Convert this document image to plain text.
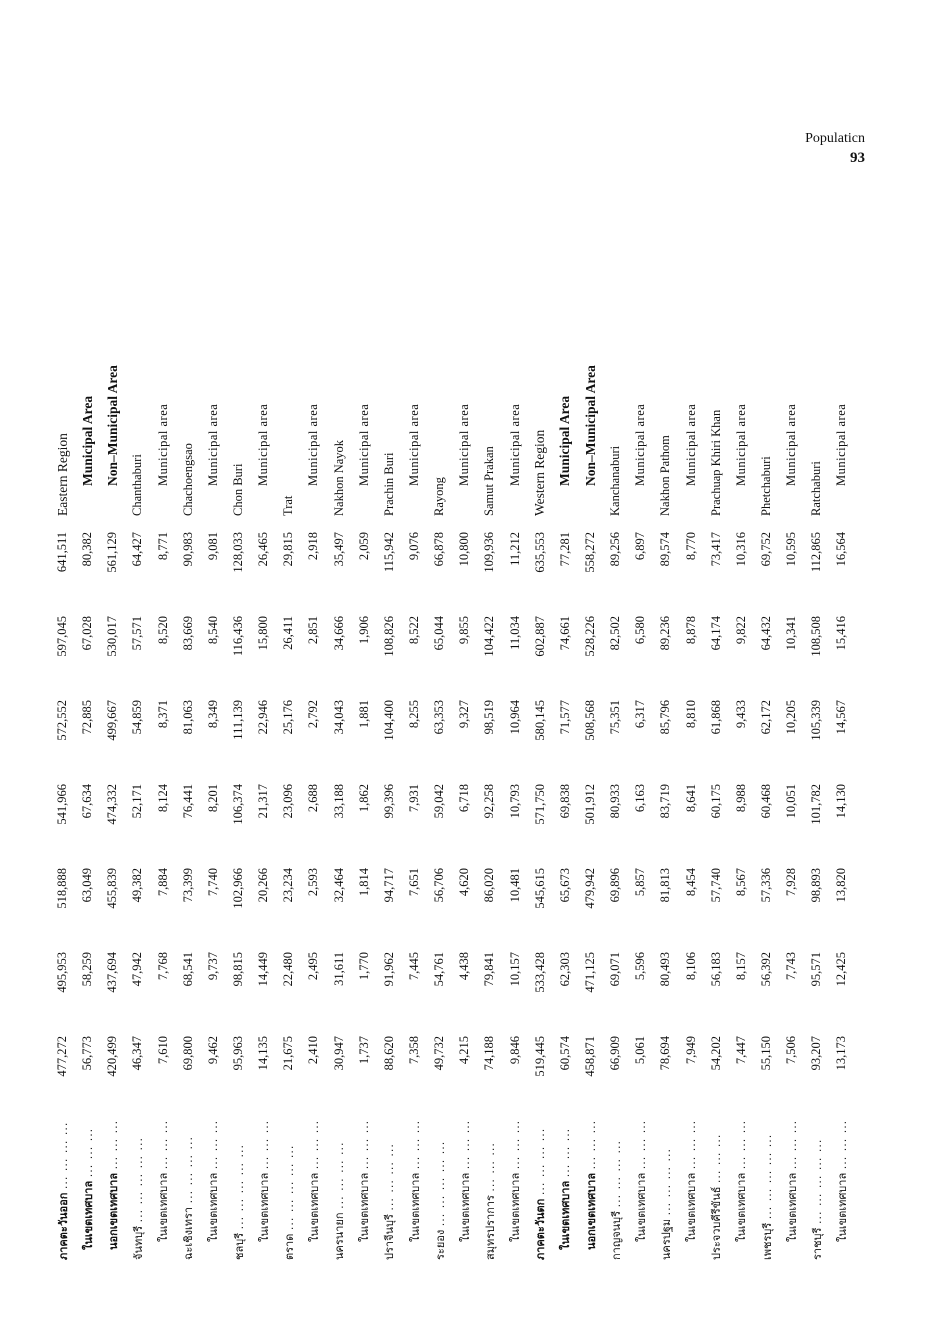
Populaticn
93
ภาคตะวันออก ... ... ... ...	477,272	495,953	518,888	541,966	572,552	597,045	641,511	Eastern Region
ในเขตเทศบาล ... ... ...	56,773	58,259	63,049	67,634	72,885	67,028	80,382	Municipal Area
นอกเขตเทศบาล ... ... ...	420,499	437,694	455,839	474,332	499,667	530,017	561,129	Non–Municipal Area
จันทบุรี ... ... ... ... ...	46,347	47,942	49,382	52,171	54,859	57,571	64,427	Chanthaburi
ในเขตเทศบาล ... ... ...	7,610	7,768	7,884	8,124	8,371	8,520	8,771	Municipal area
ฉะเชิงเทรา ... ... ... ...	69,800	68,541	73,399	76,441	81,063	83,669	90,983	Chachoengsao
ในเขตเทศบาล ... ... ...	9,462	9,737	7,740	8,201	8,349	8,540	9,081	Municipal area
ชลบุรี ... ... ... ... ...	95,963	98,815	102,966	106,374	111,139	116,436	128,033	Chon Buri
ในเขตเทศบาล ... ... ...	14,135	14,449	20,266	21,317	22,946	15,800	26,465	Municipal area
ตราด ... ... ... ... ...	21,675	22,480	23,234	23,096	25,176	26,411	29,815	Trat
ในเขตเทศบาล ... ... ...	2,410	2,495	2,593	2,688	2,792	2,851	2,918	Municipal area
นครนายก ... ... ... ...	30,947	31,611	32,464	33,188	34,043	34,666	35,497	Nakhon Nayok
ในเขตเทศบาล ... ... ...	1,737	1,770	1,814	1,862	1,881	1,906	2,059	Municipal area
ปราจีนบุรี ... ... ... ...	88,620	91,962	94,717	99,396	104,400	108,826	115,942	Prachin Buri
ในเขตเทศบาล ... ... ...	7,358	7,445	7,651	7,931	8,255	8,522	9,076	Municipal area
ระยอง ... ... ... ... ...	49,732	54,761	56,706	59,042	63,353	65,044	66,878	Rayong
ในเขตเทศบาล ... ... ...	4,215	4,438	4,620	6,718	9,327	9,855	10,800	Municipal area
สมุทรปราการ ... ... ...	74,188	79,841	86,020	92,258	98,519	104,422	109,936	Samut Prakan
ในเขตเทศบาล ... ... ...	9,846	10,157	10,481	10,793	10,964	11,034	11,212	Municipal area
ภาคตะวันตก ... ... ... ...	519,445	533,428	545,615	571,750	580,145	602,887	635,553	Western Region
ในเขตเทศบาล ... ... ...	60,574	62,303	65,673	69,838	71,577	74,661	77,281	Municipal Area
นอกเขตเทศบาล ... ... ...	458,871	471,125	479,942	501,912	508,568	528,226	558,272	Non–Municipal Area
กาญจนบุรี ... ... ... ...	66,909	69,071	69,896	80,933	75,351	82,502	89,256	Kanchanaburi
ในเขตเทศบาล ... ... ...	5,061	5,596	5,857	6,163	6,317	6,580	6,897	Municipal area
นครปฐม ... ... ... ...	78,694	80,493	81,813	83,719	85,796	89,236	89,574	Nakhon Pathom
ในเขตเทศบาล ... ... ...	7,949	8,106	8,454	8,641	8,810	8,878	8,770	Municipal area
ประจวบคีรีขันธ์ ... ... ...	54,202	56,183	57,740	60,175	61,868	64,174	73,417	Prachuap Khiri Khan
ในเขตเทศบาล ... ... ...	7,447	8,157	8,567	8,988	9,433	9,822	10,316	Municipal area
เพชรบุรี ... ... ... ... ...	55,150	56,392	57,336	60,468	62,172	64,432	69,752	Phetchaburi
ในเขตเทศบาล ... ... ...	7,506	7,743	7,928	10,051	10,205	10,341	10,595	Municipal area
ราชบุรี ... ... ... ... ...	93,207	95,571	98,893	101,782	105,339	108,508	112,865	Ratchaburi
ในเขตเทศบาล ... ... ...	13,173	12,425	13,820	14,130	14,567	15,416	16,564	Municipal area
